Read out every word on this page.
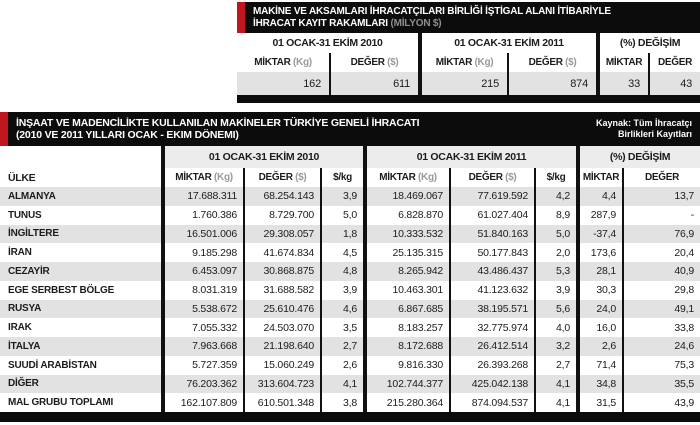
MAKİNE VE AKSAMLARI İHRACATÇILARI BİRLİĞİ İŞTİGAL ALANI İTİBARİYLE
İHRACAT KAYIT RAKAMLARI (MİLYON $)
01 OCAK-31 EKİM 2010		01 OCAK-31 EKİM 2011		(%) DEĞİŞİM	
MİKTAR (Kg)	DEĞER ($)	MİKTAR (Kg)	DEĞER ($)	MİKTAR	DEĞER
162	611	215	874	33	43
İNŞAAT VE MADENCİLİKTE KULLANILAN MAKİNELER TÜRKİYE GENELİ İHRACATI
(2010 VE 2011 YILLARI OCAK - EKIM DÖNEMI)
Kaynak: Tüm İhracatçı
Birlikleri Kayıtları
	01 OCAK-31 EKİM 2010			01 OCAK-31 EKİM 2011			(%) DEĞİŞİM	
ÜLKE	MİKTAR (Kg)	DEĞER ($)	$/kg	MİKTAR (Kg)	DEĞER ($)	$/kg	MİKTAR	DEĞER
ALMANYA	17.688.311	68.254.143	3,9	18.469.067	77.619.592	4,2	4,4	13,7
TUNUS	1.760.386	8.729.700	5,0	6.828.870	61.027.404	8,9	287,9	-
İNGİLTERE	16.501.006	29.308.057	1,8	10.333.532	51.840.163	5,0	-37,4	76,9
İRAN	9.185.298	41.674.834	4,5	25.135.315	50.177.843	2,0	173,6	20,4
CEZAYİR	6.453.097	30.868.875	4,8	8.265.942	43.486.437	5,3	28,1	40,9
EGE SERBEST BÖLGE	8.031.319	31.688.582	3,9	10.463.301	41.123.632	3,9	30,3	29,8
RUSYA	5.538.672	25.610.476	4,6	6.867.685	38.195.571	5,6	24,0	49,1
IRAK	7.055.332	24.503.070	3,5	8.183.257	32.775.974	4,0	16,0	33,8
İTALYA	7.963.668	21.198.640	2,7	8.172.688	26.412.514	3,2	2,6	24,6
SUUDİ ARABİSTAN	5.727.359	15.060.249	2,6	9.816.330	26.393.268	2,7	71,4	75,3
DİĞER	76.203.362	313.604.723	4,1	102.744.377	425.042.138	4,1	34,8	35,5
MAL GRUBU TOPLAMI	162.107.809	610.501.348	3,8	215.280.364	874.094.537	4,1	31,5	43,9
